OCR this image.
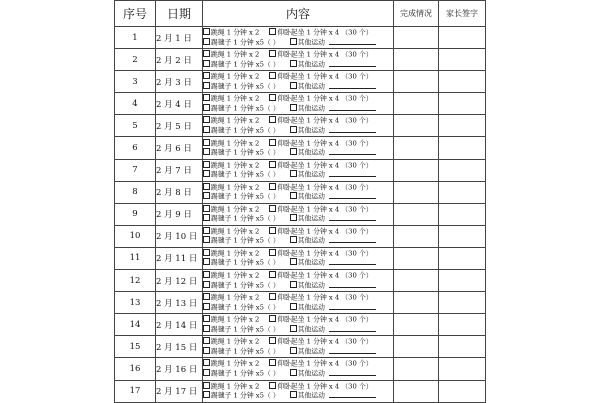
序号	日期	内容	完成情况	家长签字
1	2 月 1 日	跳绳 1 分钟 x 2 仰卧起坐 1 分钟 x 4 （30 个）
踢毽子 1 分钟 x5（ ） 其他运动		

2	2 月 2 日	跳绳 1 分钟 x 2 仰卧起坐 1 分钟 x 4 （30 个）
踢毽子 1 分钟 x5（ ） 其他运动		

3	2 月 3 日	跳绳 1 分钟 x 2 仰卧起坐 1 分钟 x 4 （30 个）
踢毽子 1 分钟 x5（ ） 其他运动		

4	2 月 4 日	跳绳 1 分钟 x 2 仰卧起坐 1 分钟 x 4 （30 个）
踢毽子 1 分钟 x5（ ） 其他运动		

5	2 月 5 日	跳绳 1 分钟 x 2 仰卧起坐 1 分钟 x 4 （30 个）
踢毽子 1 分钟 x5（ ） 其他运动		

6	2 月 6 日	跳绳 1 分钟 x 2 仰卧起坐 1 分钟 x 4 （30 个）
踢毽子 1 分钟 x5（ ） 其他运动		

7	2 月 7 日	跳绳 1 分钟 x 2 仰卧起坐 1 分钟 x 4 （30 个）
踢毽子 1 分钟 x5（ ） 其他运动		

8	2 月 8 日	跳绳 1 分钟 x 2 仰卧起坐 1 分钟 x 4 （30 个）
踢毽子 1 分钟 x5（ ） 其他运动		

9	2 月 9 日	跳绳 1 分钟 x 2 仰卧起坐 1 分钟 x 4 （30 个）
踢毽子 1 分钟 x5（ ） 其他运动		

10	2 月 10 日	跳绳 1 分钟 x 2 仰卧起坐 1 分钟 x 4 （30 个）
踢毽子 1 分钟 x5（ ） 其他运动		

11	2 月 11 日	跳绳 1 分钟 x 2 仰卧起坐 1 分钟 x 4 （30 个）
踢毽子 1 分钟 x5（ ） 其他运动		

12	2 月 12 日	跳绳 1 分钟 x 2 仰卧起坐 1 分钟 x 4 （30 个）
踢毽子 1 分钟 x5（ ） 其他运动		

13	2 月 13 日	跳绳 1 分钟 x 2 仰卧起坐 1 分钟 x 4 （30 个）
踢毽子 1 分钟 x5（ ） 其他运动		

14	2 月 14 日	跳绳 1 分钟 x 2 仰卧起坐 1 分钟 x 4 （30 个）
踢毽子 1 分钟 x5（ ） 其他运动		

15	2 月 15 日	跳绳 1 分钟 x 2 仰卧起坐 1 分钟 x 4 （30 个）
踢毽子 1 分钟 x5（ ） 其他运动		

16	2 月 16 日	跳绳 1 分钟 x 2 仰卧起坐 1 分钟 x 4 （30 个）
踢毽子 1 分钟 x5（ ） 其他运动		

17	2 月 17 日	跳绳 1 分钟 x 2 仰卧起坐 1 分钟 x 4 （30 个）
踢毽子 1 分钟 x5（ ） 其他运动		
